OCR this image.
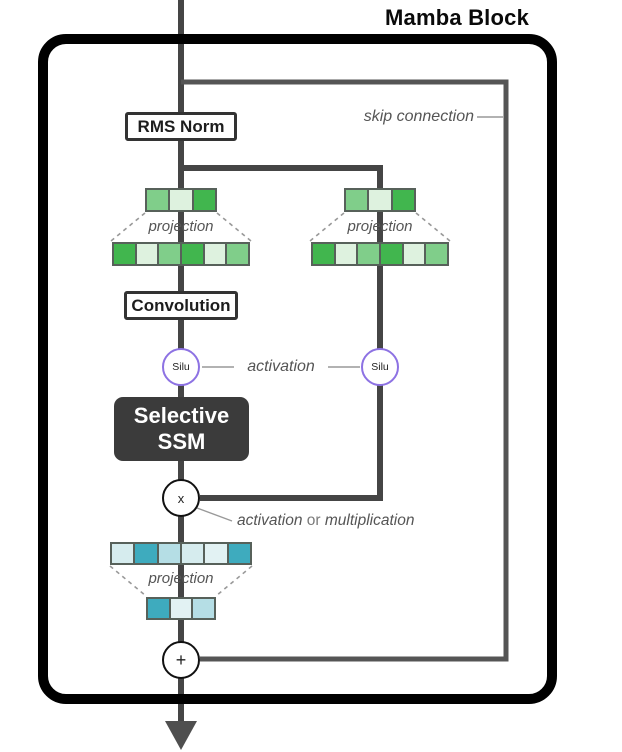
Mamba Block
skip connection
RMS Norm
projection	projection
Convolution
Silu	Silu
activation
Selective
SSM
x
activation or multiplication
projection
+
